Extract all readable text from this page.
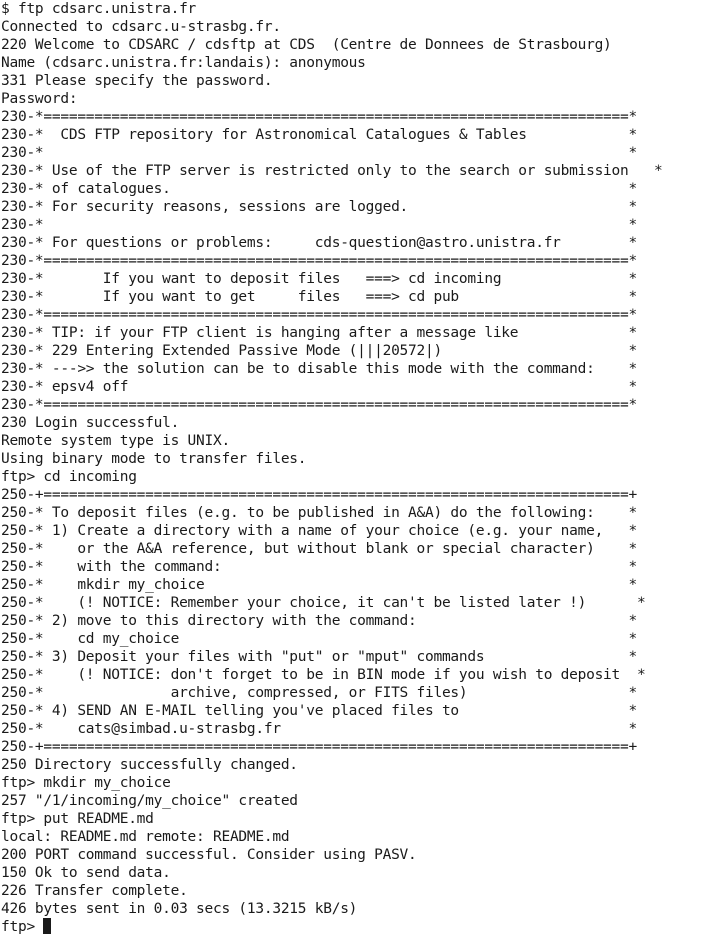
$ ftp cdsarc.unistra.fr
Connected to cdsarc.u-strasbg.fr.
220 Welcome to CDSARC / cdsftp at CDS  (Centre de Donnees de Strasbourg)
Name (cdsarc.unistra.fr:landais): anonymous
331 Please specify the password.
Password:
230-*=====================================================================*
230-*  CDS FTP repository for Astronomical Catalogues & Tables            *
230-*                                                                     *
230-* Use of the FTP server is restricted only to the search or submission   *
230-* of catalogues.                                                      *
230-* For security reasons, sessions are logged.                          *
230-*                                                                     *
230-* For questions or problems:     cds-question@astro.unistra.fr        *
230-*=====================================================================*
230-*       If you want to deposit files   ===> cd incoming               *
230-*       If you want to get     files   ===> cd pub                    *
230-*=====================================================================*
230-* TIP: if your FTP client is hanging after a message like             *
230-* 229 Entering Extended Passive Mode (|||20572|)                      *
230-* --->> the solution can be to disable this mode with the command:    *
230-* epsv4 off                                                           *
230-*=====================================================================*
230 Login successful.
Remote system type is UNIX.
Using binary mode to transfer files.
ftp> cd incoming
250-+=====================================================================+
250-* To deposit files (e.g. to be published in A&A) do the following:    *
250-* 1) Create a directory with a name of your choice (e.g. your name,   *
250-*    or the A&A reference, but without blank or special character)    *
250-*    with the command:                                                *
250-*    mkdir my_choice                                                  *
250-*    (! NOTICE: Remember your choice, it can't be listed later !)      *
250-* 2) move to this directory with the command:                         *
250-*    cd my_choice                                                     *
250-* 3) Deposit your files with "put" or "mput" commands                 *
250-*    (! NOTICE: don't forget to be in BIN mode if you wish to deposit  *
250-*               archive, compressed, or FITS files)                   *
250-* 4) SEND AN E-MAIL telling you've placed files to                    *
250-*    cats@simbad.u-strasbg.fr                                         *
250-+=====================================================================+
250 Directory successfully changed.
ftp> mkdir my_choice
257 "/1/incoming/my_choice" created
ftp> put README.md
local: README.md remote: README.md
200 PORT command successful. Consider using PASV.
150 Ok to send data.
226 Transfer complete.
426 bytes sent in 0.03 secs (13.3215 kB/s)
ftp>
